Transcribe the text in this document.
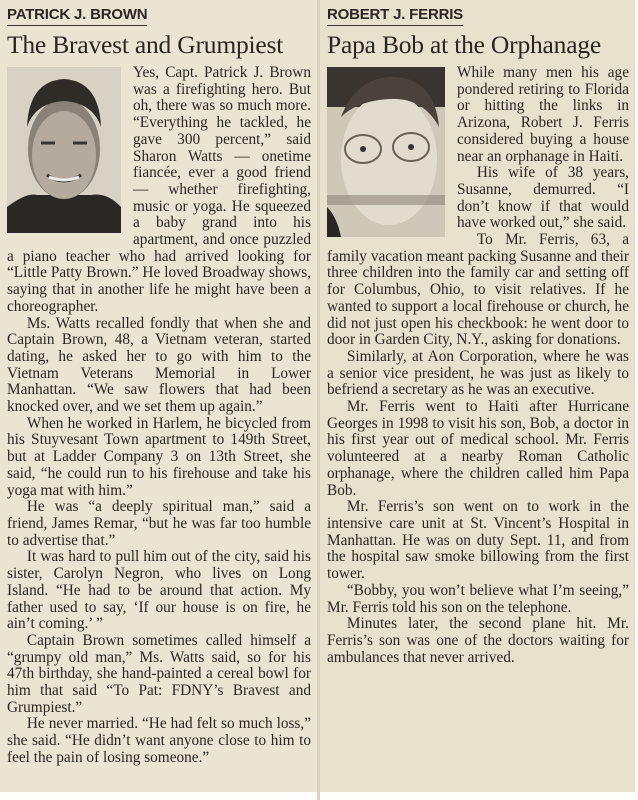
PATRICK J. BROWN
The Bravest and Grumpiest

Yes, Capt. Patrick J. Brown was a firefighting hero. But oh, there was so much more. “Everything he tackled, he gave 300 percent,” said Sharon Watts — onetime fiancée, ever a good friend — whether firefighting, music or yoga. He squeezed a baby grand into his apartment, and once puzzled a piano teacher who had arrived looking for “Little Patty Brown.” He loved Broadway shows, saying that in another life he might have been a choreographer.

Ms. Watts recalled fondly that when she and Captain Brown, 48, a Vietnam veteran, started dating, he asked her to go with him to the Vietnam Veterans Memorial in Lower Manhattan. “We saw flowers that had been knocked over, and we set them up again.”

When he worked in Harlem, he bicycled from his Stuyvesant Town apartment to 149th Street, but at Ladder Company 3 on 13th Street, she said, “he could run to his firehouse and take his yoga mat with him.”

He was “a deeply spiritual man,” said a friend, James Remar, “but he was far too humble to advertise that.”

It was hard to pull him out of the city, said his sister, Carolyn Negron, who lives on Long Island. “He had to be around that action. My father used to say, ‘If our house is on fire, he ain’t coming.’ ”

Captain Brown sometimes called himself a “grumpy old man,” Ms. Watts said, so for his 47th birthday, she hand-painted a cereal bowl for him that said “To Pat: FDNY’s Bravest and Grumpiest.”

He never married. “He had felt so much loss,” she said. “He didn’t want anyone close to him to feel the pain of losing someone.”

ROBERT J. FERRIS
Papa Bob at the Orphanage

While many men his age pondered retiring to Florida or hitting the links in Arizona, Robert J. Ferris considered buying a house near an orphanage in Haiti.

His wife of 38 years, Susanne, demurred. “I don’t know if that would have worked out,” she said.

To Mr. Ferris, 63, a family vacation meant packing Susanne and their three children into the family car and setting off for Columbus, Ohio, to visit relatives. If he wanted to support a local firehouse or church, he did not just open his checkbook: he went door to door in Garden City, N.Y., asking for donations.

Similarly, at Aon Corporation, where he was a senior vice president, he was just as likely to befriend a secretary as he was an executive.

Mr. Ferris went to Haiti after Hurricane Georges in 1998 to visit his son, Bob, a doctor in his first year out of medical school. Mr. Ferris volunteered at a nearby Roman Catholic orphanage, where the children called him Papa Bob.

Mr. Ferris’s son went on to work in the intensive care unit at St. Vincent’s Hospital in Manhattan. He was on duty Sept. 11, and from the hospital saw smoke billowing from the first tower.

“Bobby, you won’t believe what I’m seeing,” Mr. Ferris told his son on the telephone.

Minutes later, the second plane hit. Mr. Ferris’s son was one of the doctors waiting for ambulances that never arrived.
